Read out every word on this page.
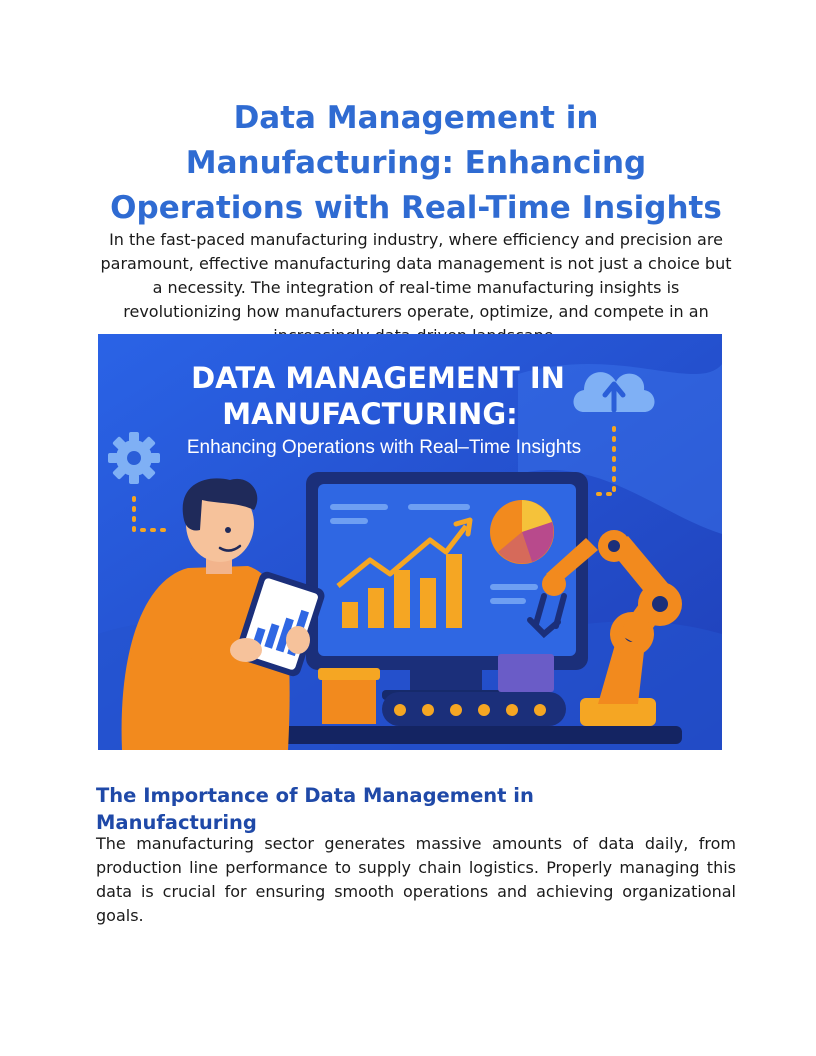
Data Management in Manufacturing: Enhancing Operations with Real-Time Insights

In the fast-paced manufacturing industry, where efficiency and precision are paramount, effective manufacturing data management is not just a choice but a necessity. The integration of real-time manufacturing insights is revolutionizing how manufacturers operate, optimize, and compete in an

DATA MANAGEMENT IN
MANUFACTURING:
Enhancing Operations with Real–Time Insights
The Importance of Data Management in Manufacturing

The manufacturing sector generates massive amounts of data daily, from production line performance to supply chain logistics. Properly managing this data is crucial for ensuring smooth operations and achieving organizational goals.
